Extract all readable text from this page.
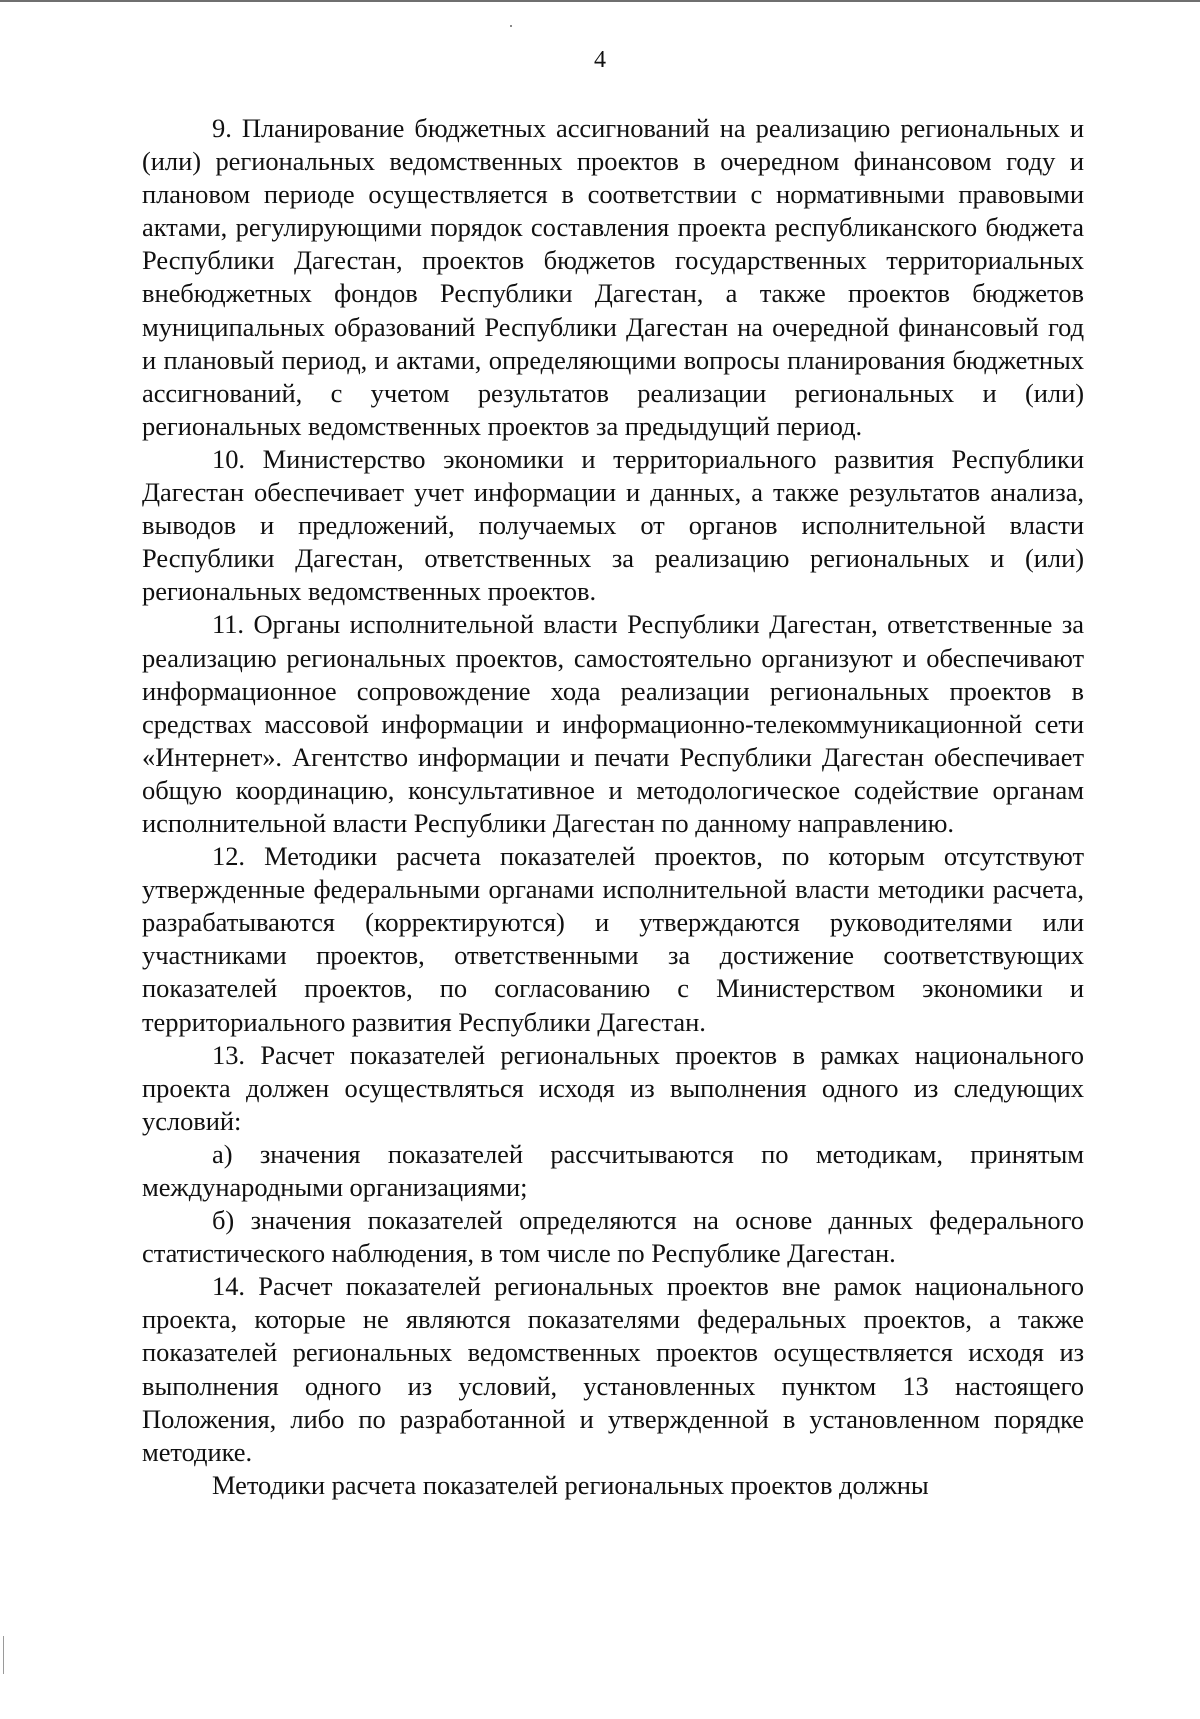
4

9. Планирование бюджетных ассигнований на реализацию региональных и (или) региональных ведомственных проектов в очередном финансовом году и плановом периоде осуществляется в соответствии с нормативными правовыми актами, регулирующими порядок составления проекта республиканского бюджета Республики Дагестан, проектов бюджетов государственных территориальных внебюджетных фондов Республики Дагестан, а также проектов бюджетов муниципальных образований Республики Дагестан на очередной финансовый год и плановый период, и актами, определяющими вопросы планирования бюджетных ассигнований, с учетом результатов реализации региональных и (или) региональных ведомственных проектов за предыдущий период.

10. Министерство экономики и территориального развития Республики Дагестан обеспечивает учет информации и данных, а также результатов анализа, выводов и предложений, получаемых от органов исполнительной власти Республики Дагестан, ответственных за реализацию региональных и (или) региональных ведомственных проектов.

11. Органы исполнительной власти Республики Дагестан, ответственные за реализацию региональных проектов, самостоятельно организуют и обеспечивают информационное сопровождение хода реализации региональных проектов в средствах массовой информации и информационно-телекоммуникационной сети «Интернет». Агентство информации и печати Республики Дагестан обеспечивает общую координацию, консультативное и методологическое содействие органам исполнительной власти Республики Дагестан по данному направлению.

12. Методики расчета показателей проектов, по которым отсутствуют утвержденные федеральными органами исполнительной власти методики расчета, разрабатываются (корректируются) и утверждаются руководителями или участниками проектов, ответственными за достижение соответствующих показателей проектов, по согласованию с Министерством экономики и территориального развития Республики Дагестан.

13. Расчет показателей региональных проектов в рамках национального проекта должен осуществляться исходя из выполнения одного из следующих условий:

а) значения показателей рассчитываются по методикам, принятым международными организациями;

б) значения показателей определяются на основе данных федерального статистического наблюдения, в том числе по Республике Дагестан.

14. Расчет показателей региональных проектов вне рамок национального проекта, которые не являются показателями федеральных проектов, а также показателей региональных ведомственных проектов осуществляется исходя из выполнения одного из условий, установленных пунктом 13 настоящего Положения, либо по разработанной и утвержденной в установленном порядке методике.

Методики расчета показателей региональных проектов должны
